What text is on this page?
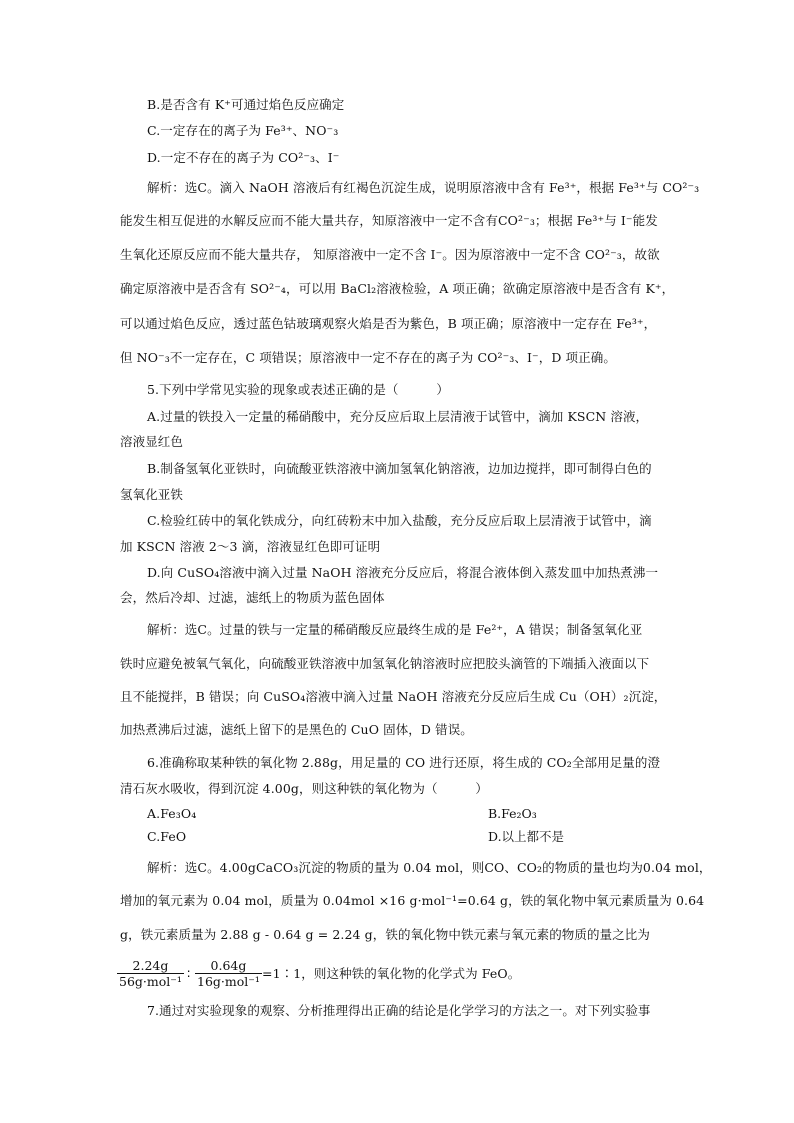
B.是否含有 K⁺可通过焰色反应确定
C.一定存在的离子为 Fe³⁺、NO⁻₃
D.一定不存在的离子为 CO²⁻₃、I⁻
解析：选C。滴入 NaOH 溶液后有红褐色沉淀生成，说明原溶液中含有 Fe³⁺，根据 Fe³⁺与 CO²⁻₃
能发生相互促进的水解反应而不能大量共存，知原溶液中一定不含有CO²⁻₃；根据 Fe³⁺与 I⁻能发
生氧化还原反应而不能大量共存， 知原溶液中一定不含 I⁻。因为原溶液中一定不含 CO²⁻₃，故欲
确定原溶液中是否含有 SO²⁻₄，可以用 BaCl₂溶液检验，A 项正确；欲确定原溶液中是否含有 K⁺，
可以通过焰色反应，透过蓝色钴玻璃观察火焰是否为紫色，B 项正确；原溶液中一定存在 Fe³⁺，
但 NO⁻₃不一定存在，C 项错误；原溶液中一定不存在的离子为 CO²⁻₃、I⁻，D 项正确。
5.下列中学常见实验的现象或表述正确的是（　　　）
A.过量的铁投入一定量的稀硝酸中，充分反应后取上层清液于试管中，滴加 KSCN 溶液，
溶液显红色
B.制备氢氧化亚铁时，向硫酸亚铁溶液中滴加氢氧化钠溶液，边加边搅拌，即可制得白色的
氢氧化亚铁
C.检验红砖中的氧化铁成分，向红砖粉末中加入盐酸，充分反应后取上层清液于试管中，滴
加 KSCN 溶液 2～3 滴，溶液显红色即可证明
D.向 CuSO₄溶液中滴入过量 NaOH 溶液充分反应后，将混合液体倒入蒸发皿中加热煮沸一
会，然后冷却、过滤，滤纸上的物质为蓝色固体
解析：选C。过量的铁与一定量的稀硝酸反应最终生成的是 Fe²⁺，A 错误；制备氢氧化亚
铁时应避免被氧气氧化，向硫酸亚铁溶液中加氢氧化钠溶液时应把胶头滴管的下端插入液面以下
且不能搅拌，B 错误；向 CuSO₄溶液中滴入过量 NaOH 溶液充分反应后生成 Cu（OH）₂沉淀，
加热煮沸后过滤，滤纸上留下的是黑色的 CuO 固体，D 错误。
6.准确称取某种铁的氧化物 2.88g，用足量的 CO 进行还原，将生成的 CO₂全部用足量的澄
清石灰水吸收，得到沉淀 4.00g，则这种铁的氧化物为（　　　）
A.Fe₃O₄	B.Fe₂O₃
C.FeO	D.以上都不是
解析：选C。4.00gCaCO₃沉淀的物质的量为 0.04 mol，则CO、CO₂的物质的量也均为0.04 mol，
增加的氧元素为 0.04 mol，质量为 0.04mol ×16 g·mol⁻¹=0.64 g，铁的氧化物中氧元素质量为 0.64
g，铁元素质量为 2.88 g - 0.64 g = 2.24 g，铁的氧化物中铁元素与氧元素的物质的量之比为
2.24g
56g·mol⁻¹
∶
0.64g
16g·mol⁻¹
=1∶1，则这种铁的氧化物的化学式为 FeO。
7.通过对实验现象的观察、分析推理得出正确的结论是化学学习的方法之一。对下列实验事
